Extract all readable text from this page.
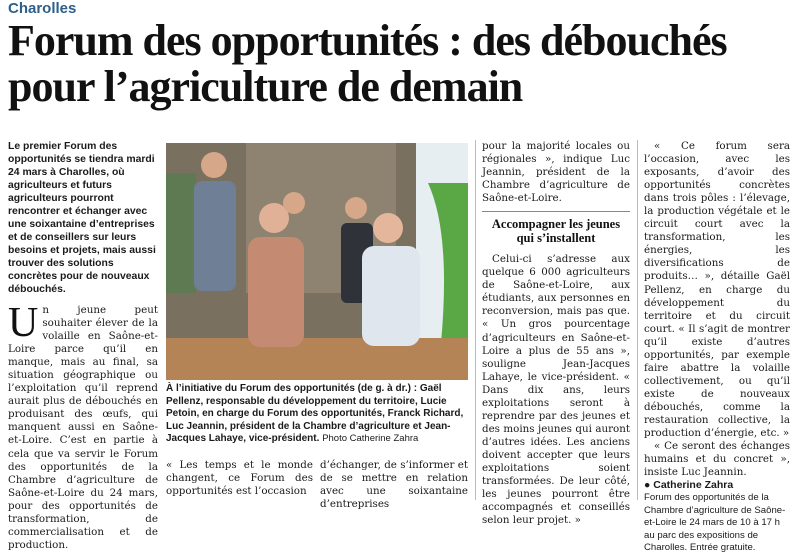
Charolles
Forum des opportunités : des débouchés pour l’agriculture de demain

Le premier Forum des opportunités se tiendra mardi 24 mars à Charolles, où agriculteurs et futurs agriculteurs pourront rencontrer et échanger avec une soixantaine d’entreprises et de conseillers sur leurs besoins et projets, mais aussi trouver des solutions concrètes pour de nouveaux débouchés.

Un jeune peut souhaiter élever de la volaille en Saône-et-Loire parce qu’il en manque, mais au final, sa situation géographique ou l’exploitation qu’il reprend aurait plus de débouchés en produisant des œufs, qui manquent aussi en Saône-et-Loire. C’est en partie à cela que va servir le Forum des opportunités de la Chambre d’agriculture de Saône-et-Loire du 24 mars, pour des opportunités de transformation, de commercialisation et de production.

À l’initiative du Forum des opportunités (de g. à dr.) : Gaël Pellenz, responsable du développement du territoire, Lucie Petoin, en charge du Forum des opportunités, Franck Richard, Luc Jeannin, président de la Chambre d’agriculture et Jean-Jacques Lahaye, vice-président. Photo Catherine Zahra

« Les temps et le monde changent, ce Forum des opportunités est l’occasion

d’échanger, de s’informer et de se mettre en relation avec une soixantaine d’entreprises

pour la majorité locales ou régionales », indique Luc Jeannin, président de la Chambre d’agriculture de Saône-et-Loire.

Accompagner les jeunes qui s’installent

Celui-ci s’adresse aux quelque 6 000 agriculteurs de Saône-et-Loire, aux étudiants, aux personnes en reconversion, mais pas que. « Un gros pourcentage d’agriculteurs en Saône-et-Loire a plus de 55 ans », souligne Jean-Jacques Lahaye, le vice-président. « Dans dix ans, leurs exploitations seront à reprendre par des jeunes et des moins jeunes qui auront d’autres idées. Les anciens doivent accepter que leurs exploitations soient transformées. De leur côté, les jeunes pourront être accompagnés et conseillés selon leur projet. »

« Ce forum sera l’occasion, avec les exposants, d’avoir des opportunités concrètes dans trois pôles : l’élevage, la production végétale et le circuit court avec la transformation, les énergies, les diversifications de produits… », détaille Gaël Pellenz, en charge du développement du territoire et du circuit court. « Il s’agit de montrer qu’il existe d’autres opportunités, par exemple faire abattre la volaille collectivement, ou qu’il existe de nouveaux débouchés, comme la restauration collective, la production d’énergie, etc. »

« Ce seront des échanges humains et du concret », insiste Luc Jeannin.

● Catherine Zahra

Forum des opportunités de la Chambre d’agriculture de Saône-et-Loire le 24 mars de 10 à 17 h au parc des expositions de Charolles. Entrée gratuite.
